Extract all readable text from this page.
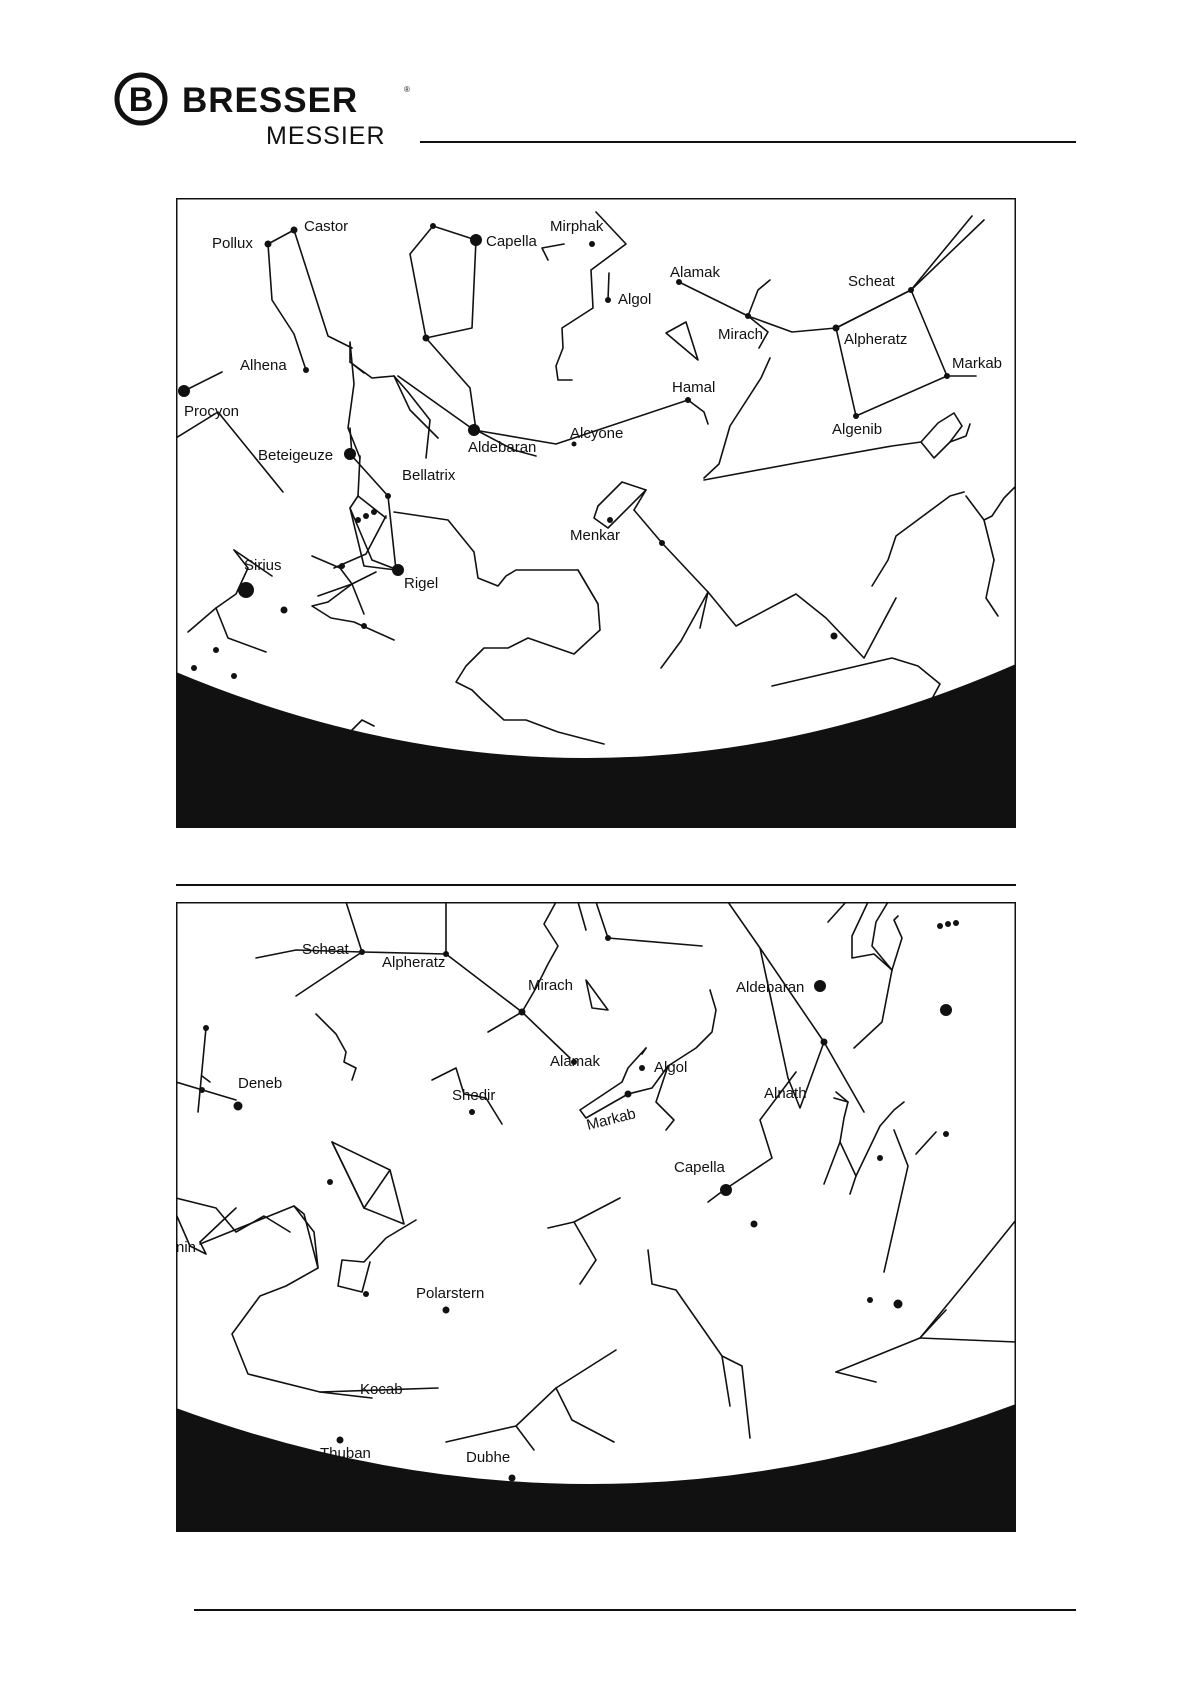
B BRESSER	®
MESSIER
Castor
Pollux	Capella
Mirphak
Algol
Alamak
Scheat
Mirach	Alpheratz
Markab
Alhena
Procyon
Hamal
Algenib
Beteigeuze	Aldebaran
Alcyone
Bellatrix
Menkar
Sirius
Rigel
Scheat
Alpheratz
Mirach	Aldebaran
Alamak	Algol
Deneb
Alnath
Shedir
Markab
Capella
nin
Polarstern
Kocab
Thuban	Dubhe
